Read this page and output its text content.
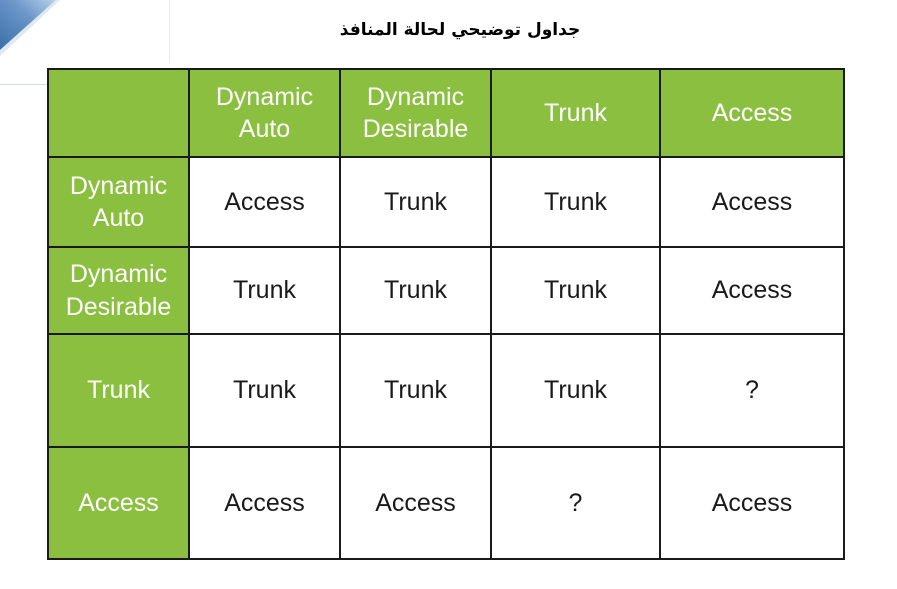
جداول توضيحي لحالة المنافذ

	Dynamic
Auto	Dynamic
Desirable	Trunk	Access

Dynamic
Auto	Access	Trunk	Trunk	Access

Dynamic
Desirable	Trunk	Trunk	Trunk	Access

Trunk	Trunk	Trunk	Trunk	?

Access	Access	Access	?	Access
